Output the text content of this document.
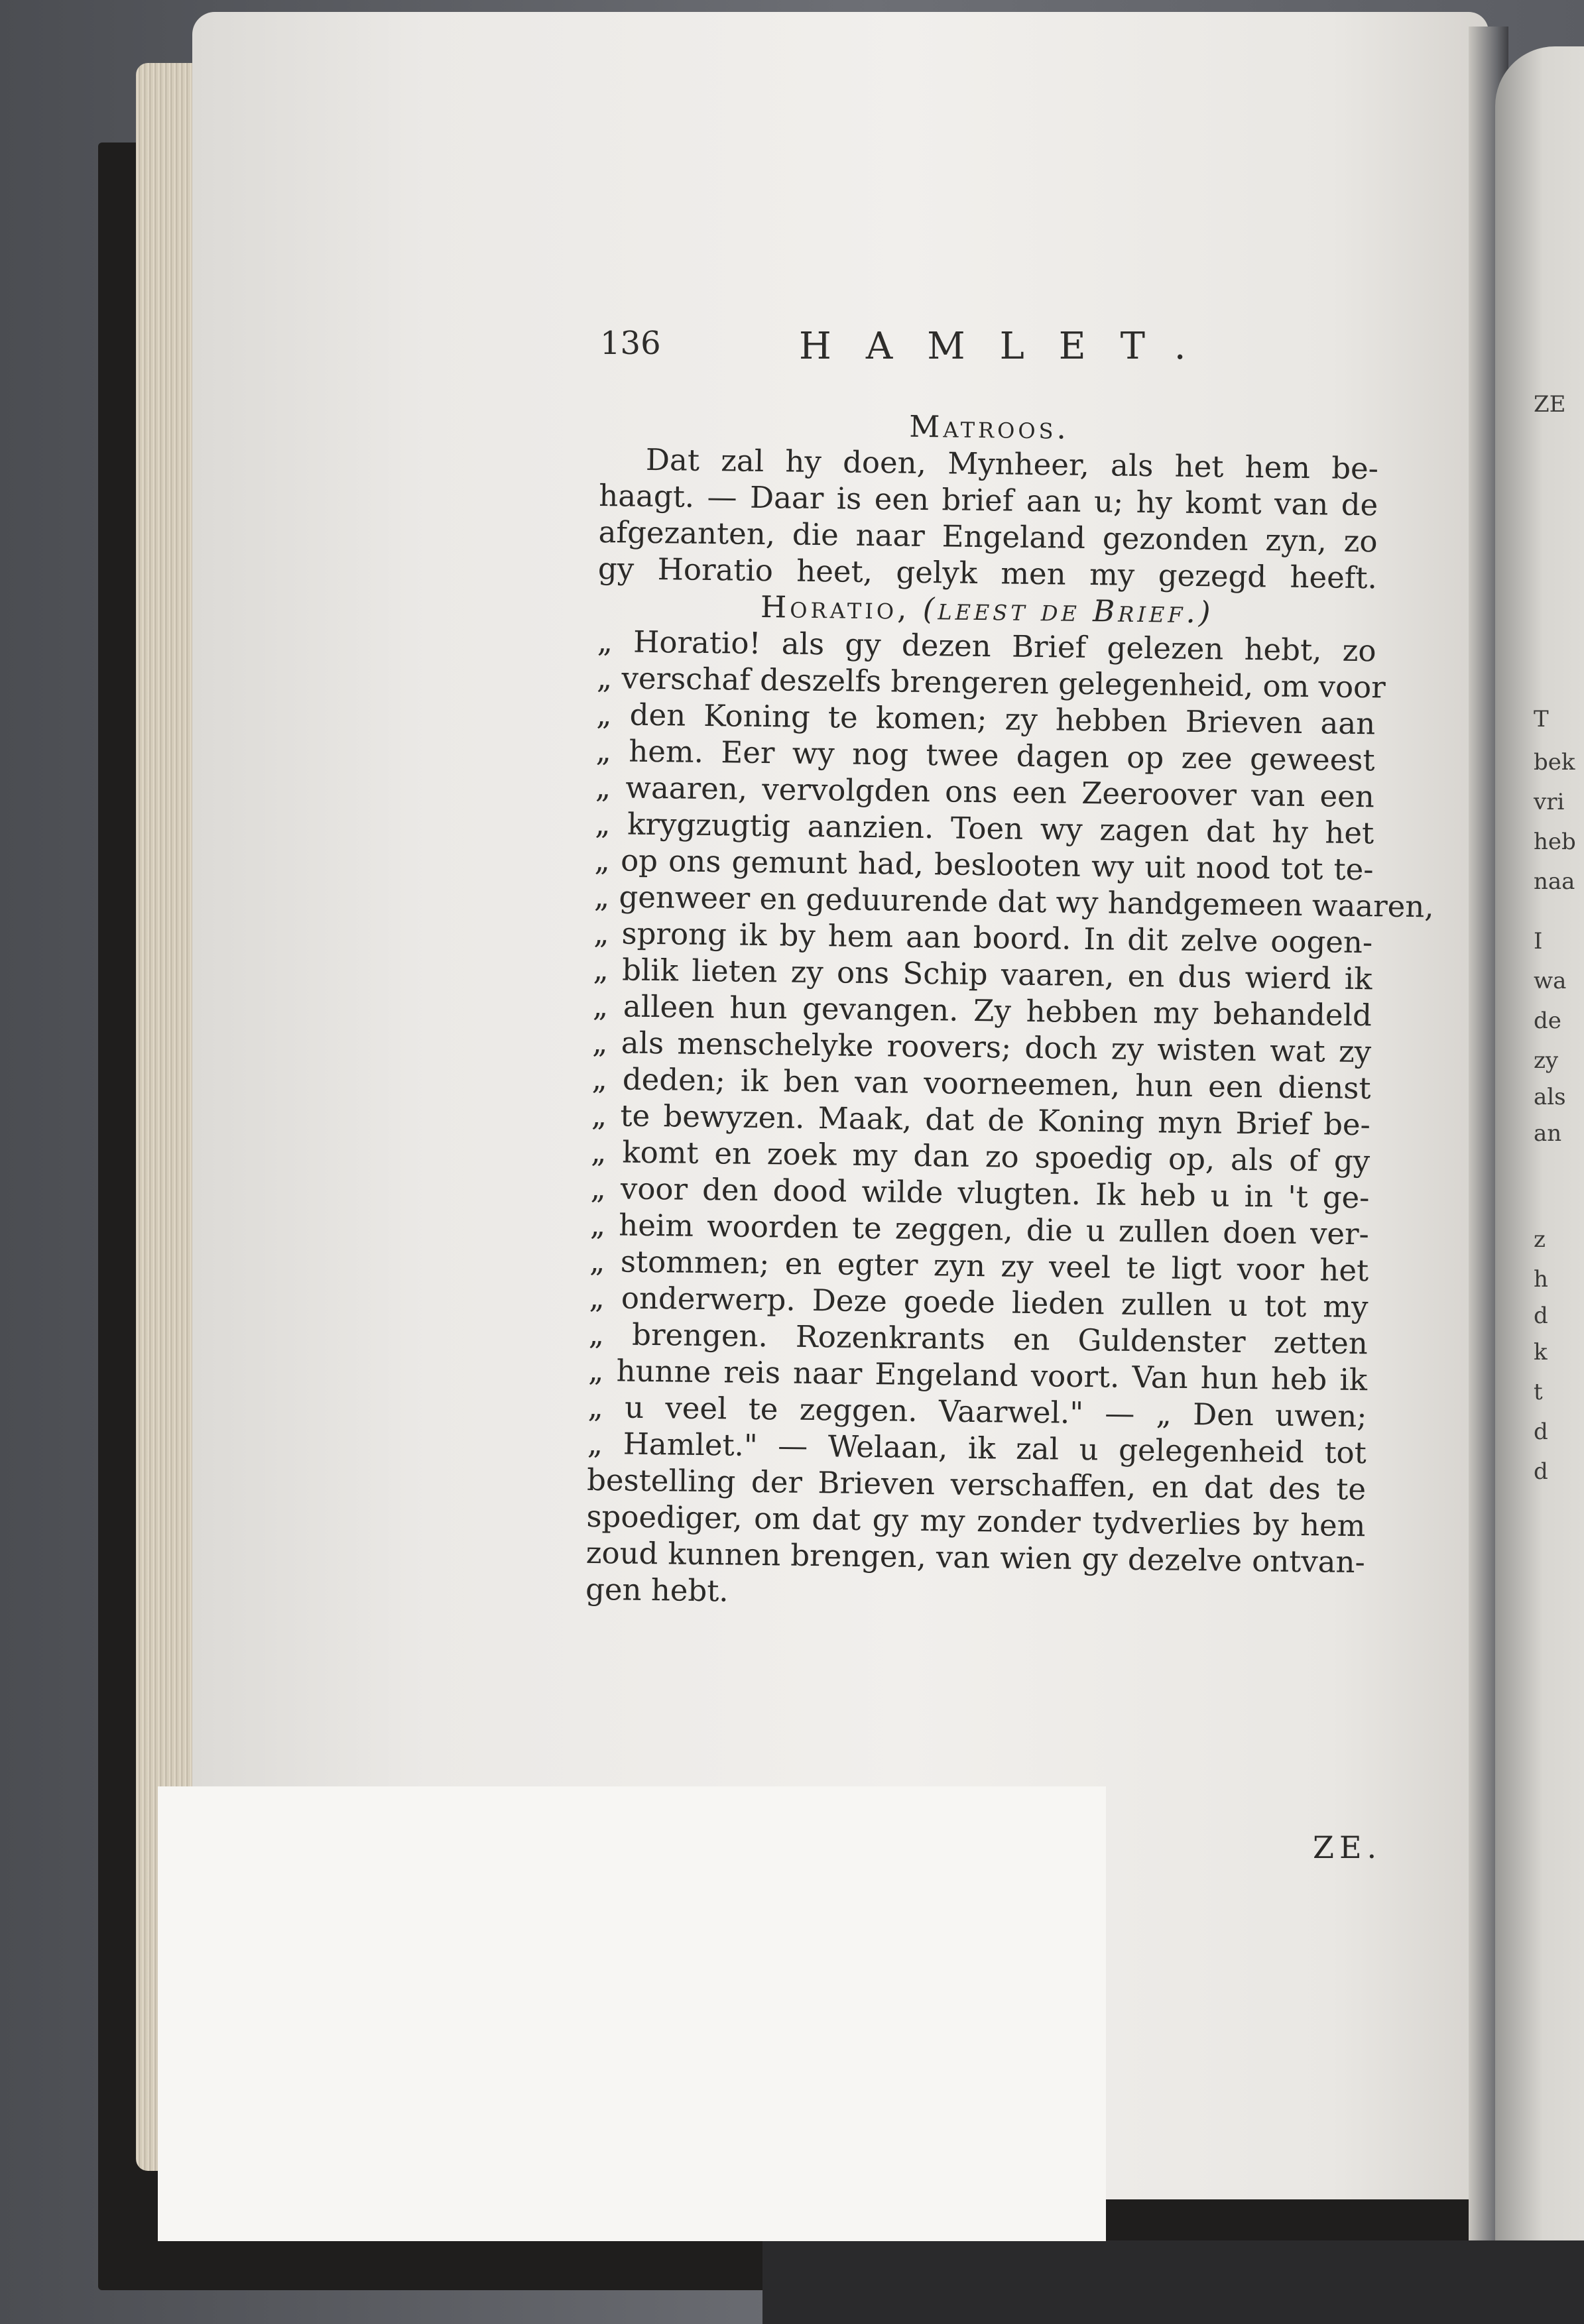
ZE
T
bek
vri
heb
naa
I
wa
de
zy
als
an
z
h
d
k
t
d
d
136	HAMLET.
Matroos.
Dat zal hy doen, Mynheer, als het hem be-
haagt. — Daar is een brief aan u; hy komt van de
afgezanten, die naar Engeland gezonden zyn, zo
gy Horatio heet, gelyk men my gezegd heeft.
Horatio, (leest de Brief.)
„ Horatio! als gy dezen Brief gelezen hebt, zo
„ verschaf deszelfs brengeren gelegenheid, om voor
„ den Koning te komen; zy hebben Brieven aan
„ hem. Eer wy nog twee dagen op zee geweest
„ waaren, vervolgden ons een Zeeroover van een
„ krygzugtig aanzien. Toen wy zagen dat hy het
„ op ons gemunt had, besl​ooten wy uit nood tot te-
„ genweer en geduurende dat wy handgemeen waaren,
„ sprong ik by hem aan boord. In dit zelve oogen-
„ blik lieten zy ons Schip vaaren, en dus wierd ik
„ alleen hun gevangen. Zy hebben my behandeld
„ als menschelyke roovers; doch zy wisten wat zy
„ deden; ik ben van voorneemen, hun een dienst
„ te bewyzen. Maak, dat de Koning myn Brief be-
„ komt en zoek my dan zo spoedig op, als of gy
„ voor den dood wilde vlugten. Ik heb u in 't ge-
„ heim woorden te zeggen, die u zullen doen ver-
„ stommen; en egter zyn zy veel te ligt voor het
„ onderwerp. Deze goede lieden zullen u tot my
„ brengen. Rozenkrants en Guldenster zetten
„ hunne reis naar Engeland voort. Van hun heb ik
„ u veel te zeggen. Vaarwel." — „ Den uwen;
„ Hamlet." — Welaan, ik zal u gelegenheid tot
bestelling der Brieven verschaffen, en dat des te
spoediger, om dat gy my zonder tydverlies by hem
zoud kunnen brengen, van wien gy dezelve ontvan-
gen hebt.
ZE.
